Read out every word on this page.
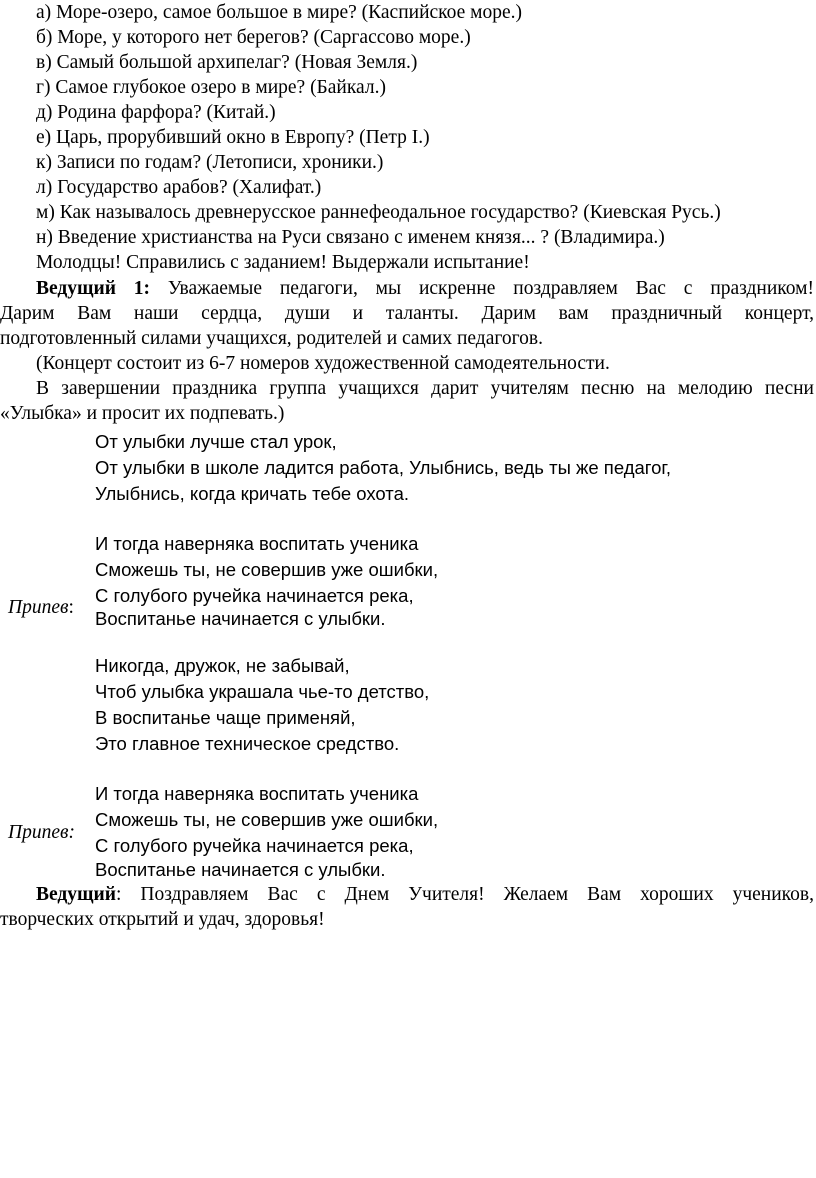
а) Море-озеро, самое большое в мире? (Каспийское море.)
б) Море, у которого нет берегов? (Саргассово море.)
в) Самый большой архипелаг? (Новая Земля.)
г) Самое глубокое озеро в мире? (Байкал.)
д) Родина фарфора? (Китай.)
е) Царь, прорубивший окно в Европу? (Петр I.)
к) Записи по годам? (Летописи, хроники.)
л) Государство арабов? (Халифат.)
м) Как называлось древнерусское раннефеодальное государство? (Киевская Русь.)
н) Введение христианства на Руси связано с именем князя... ? (Владимира.)
Молодцы! Справились с заданием! Выдержали испытание!
Ведущий 1: Уважаемые педагоги, мы искренне поздравляем Вас с праздником!
Дарим Вам наши сердца, души и таланты. Дарим вам праздничный концерт,
подготовленный силами учащихся, родителей и самих педагогов.
(Концерт состоит из 6-7 номеров художественной самодеятельности.
В завершении праздника группа учащихся дарит учителям песню на мелодию песни
«Улыбка» и просит их подпевать.)
От улыбки лучше стал урок,
От улыбки в школе ладится работа, Улыбнись, ведь ты же педагог,
Улыбнись, когда кричать тебе охота.
И тогда наверняка воспитать ученика
Сможешь ты, не совершив уже ошибки,
С голубого ручейка начинается река,
Припев:
Воспитанье начинается с улыбки.
Никогда, дружок, не забывай,
Чтоб улыбка украшала чье-то детство,
В воспитанье чаще применяй,
Это главное техническое средство.
И тогда наверняка воспитать ученика
Сможешь ты, не совершив уже ошибки,
Припев:
С голубого ручейка начинается река,
Воспитанье начинается с улыбки.
Ведущий: Поздравляем Вас с Днем Учителя! Желаем Вам хороших учеников,
творческих открытий и удач, здоровья!
